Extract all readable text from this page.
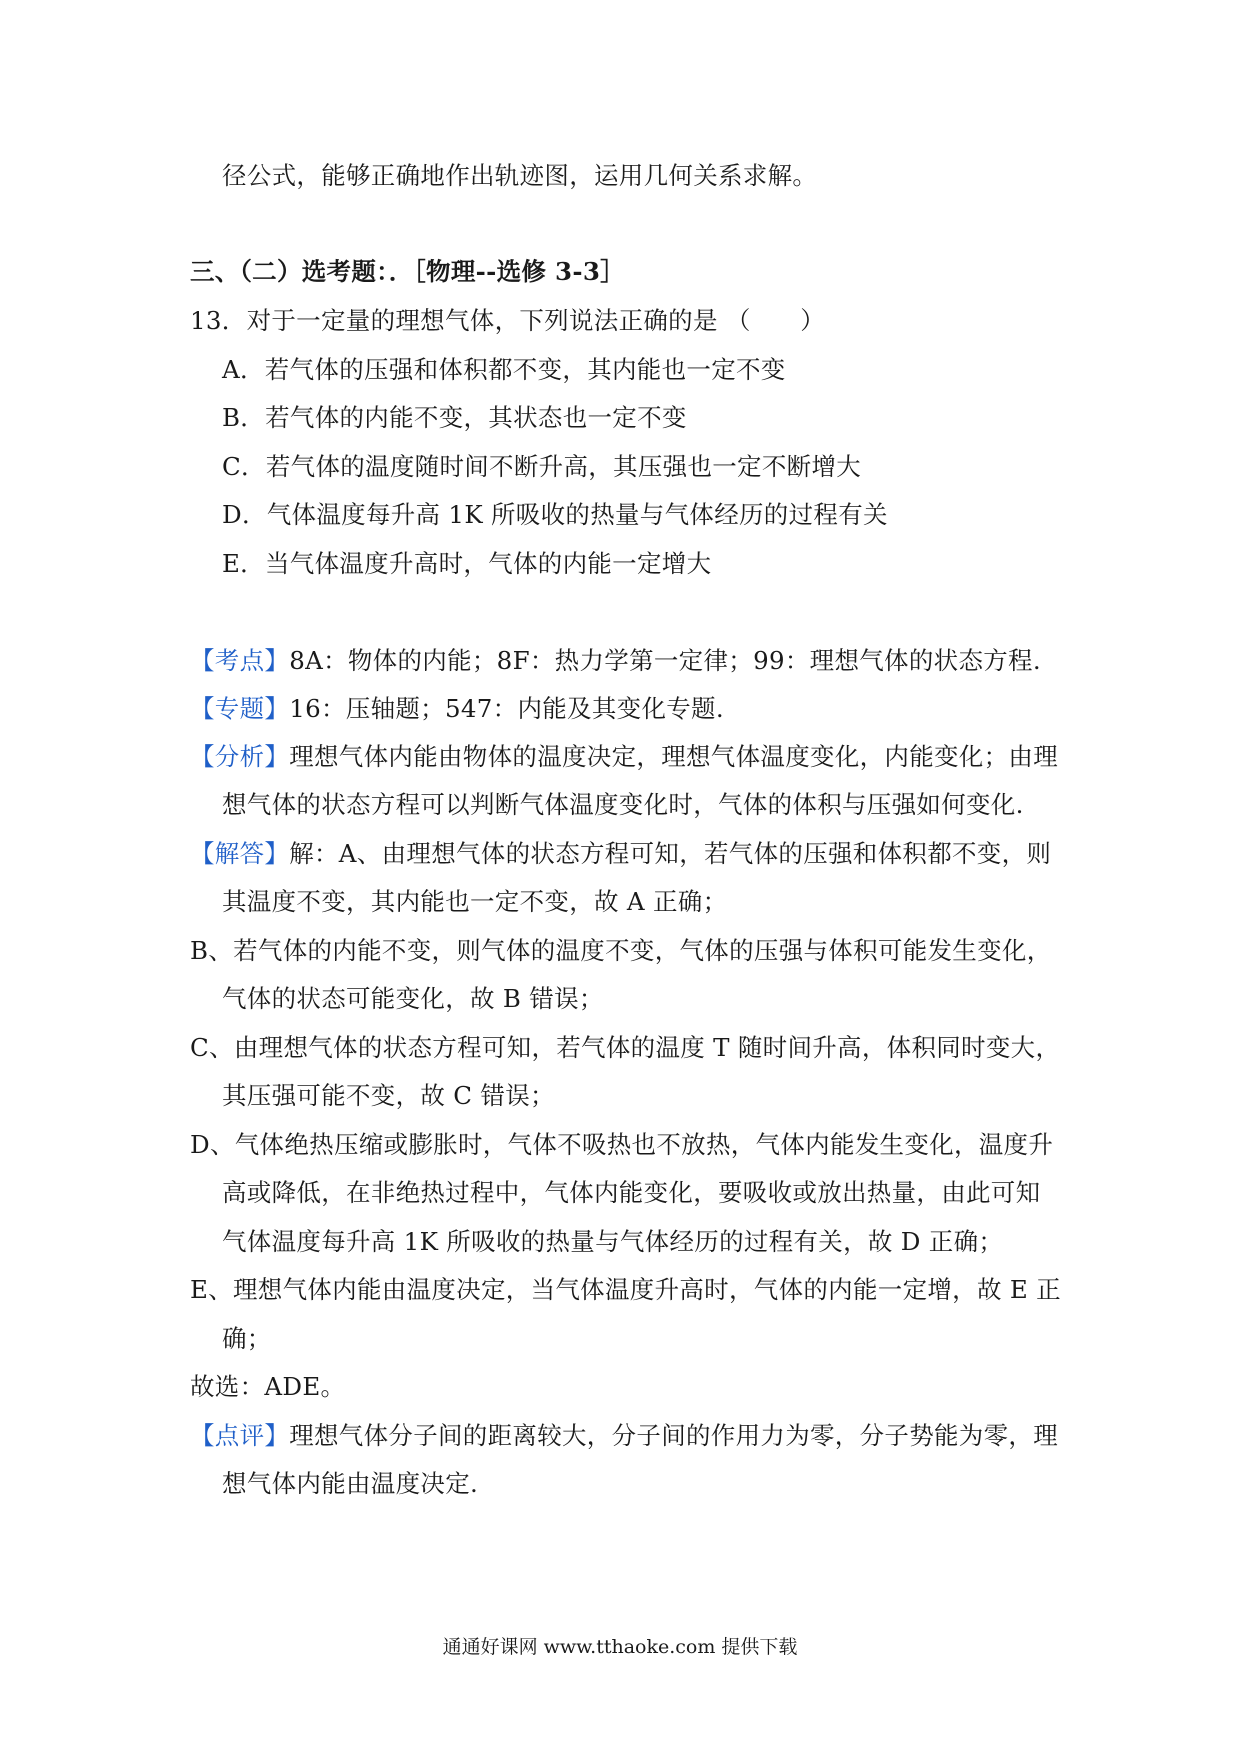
径公式，能够正确地作出轨迹图，运用几何关系求解。
三、（二）选考题：．［物理--选修 3-3］
13．对于一定量的理想气体，下列说法正确的是 （　　）
A．若气体的压强和体积都不变，其内能也一定不变
B．若气体的内能不变，其状态也一定不变
C．若气体的温度随时间不断升高，其压强也一定不断增大
D．气体温度每升高 1K 所吸收的热量与气体经历的过程有关
E．当气体温度升高时，气体的内能一定增大
【考点】8A：物体的内能；8F：热力学第一定律；99：理想气体的状态方程.
【专题】16：压轴题；547：内能及其变化专题.
【分析】理想气体内能由物体的温度决定，理想气体温度变化，内能变化；由理
想气体的状态方程可以判断气体温度变化时，气体的体积与压强如何变化.
【解答】解：A、由理想气体的状态方程可知，若气体的压强和体积都不变，则
其温度不变，其内能也一定不变，故 A 正确；
B、若气体的内能不变，则气体的温度不变，气体的压强与体积可能发生变化，
气体的状态可能变化，故 B 错误；
C、由理想气体的状态方程可知，若气体的温度 T 随时间升高，体积同时变大，
其压强可能不变，故 C 错误；
D、气体绝热压缩或膨胀时，气体不吸热也不放热，气体内能发生变化，温度升
高或降低，在非绝热过程中，气体内能变化，要吸收或放出热量，由此可知
气体温度每升高 1K 所吸收的热量与气体经历的过程有关，故 D 正确；
E、理想气体内能由温度决定，当气体温度升高时，气体的内能一定增，故 E 正
确；
故选：ADE。
【点评】理想气体分子间的距离较大，分子间的作用力为零，分子势能为零，理
想气体内能由温度决定.
通通好课网 www.tthaoke.com 提供下载
